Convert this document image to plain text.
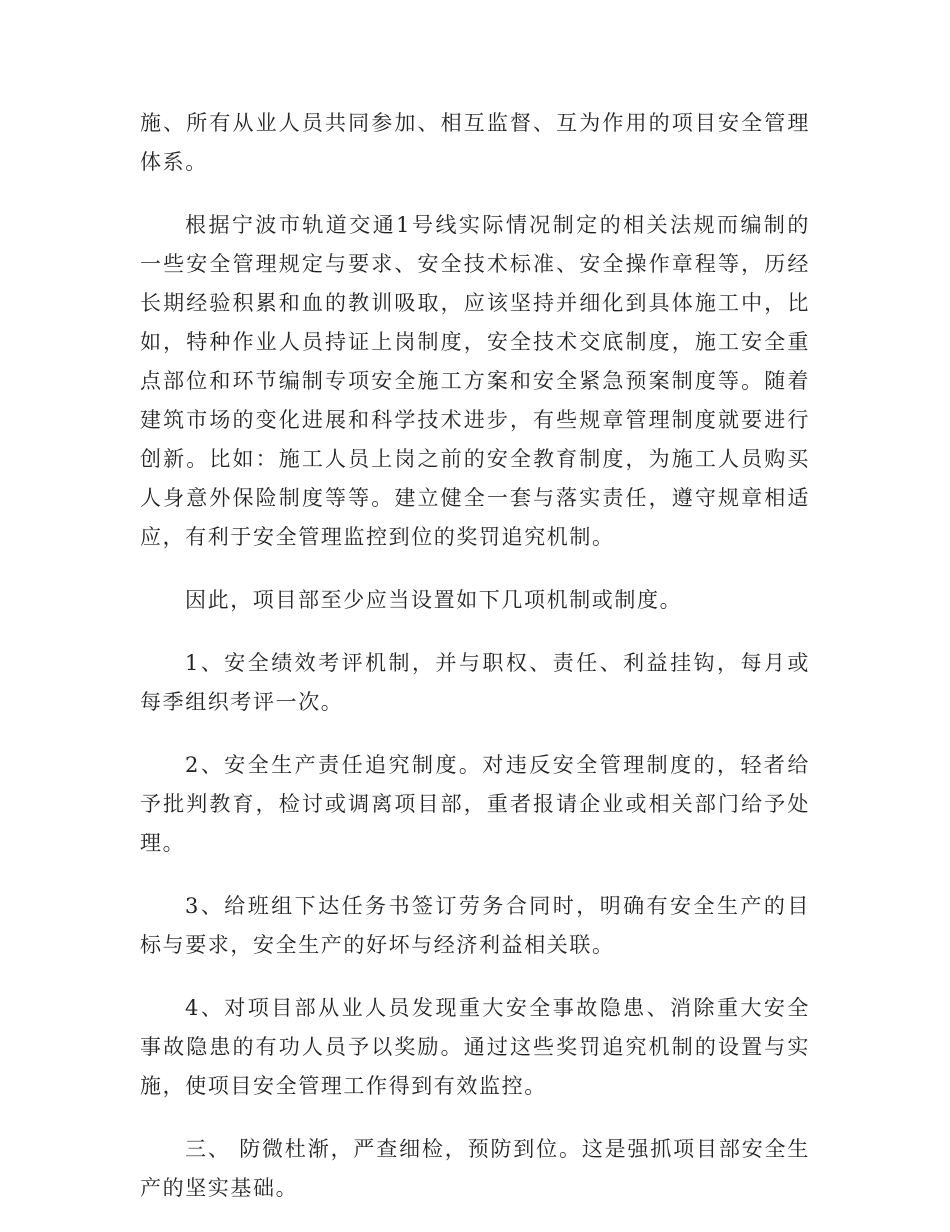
施、所有从业人员共同参加、相互监督、互为作用的项目安全管理体系。

根据宁波市轨道交通1号线实际情况制定的相关法规而编制的一些安全管理规定与要求、安全技术标准、安全操作章程等，历经长期经验积累和血的教训吸取，应该坚持并细化到具体施工中，比如，特种作业人员持证上岗制度，安全技术交底制度，施工安全重点部位和环节编制专项安全施工方案和安全紧急预案制度等。随着建筑市场的变化进展和科学技术进步，有些规章管理制度就要进行创新。比如：施工人员上岗之前的安全教育制度，为施工人员购买人身意外保险制度等等。建立健全一套与落实责任，遵守规章相适应，有利于安全管理监控到位的奖罚追究机制。

因此，项目部至少应当设置如下几项机制或制度。

1、安全绩效考评机制，并与职权、责任、利益挂钩，每月或每季组织考评一次。

2、安全生产责任追究制度。对违反安全管理制度的，轻者给予批判教育，检讨或调离项目部，重者报请企业或相关部门给予处理。

3、给班组下达任务书签订劳务合同时，明确有安全生产的目标与要求，安全生产的好坏与经济利益相关联。

4、对项目部从业人员发现重大安全事故隐患、消除重大安全事故隐患的有功人员予以奖励。通过这些奖罚追究机制的设置与实施，使项目安全管理工作得到有效监控。

三、 防微杜渐，严查细检，预防到位。这是强抓项目部安全生产的坚实基础。
